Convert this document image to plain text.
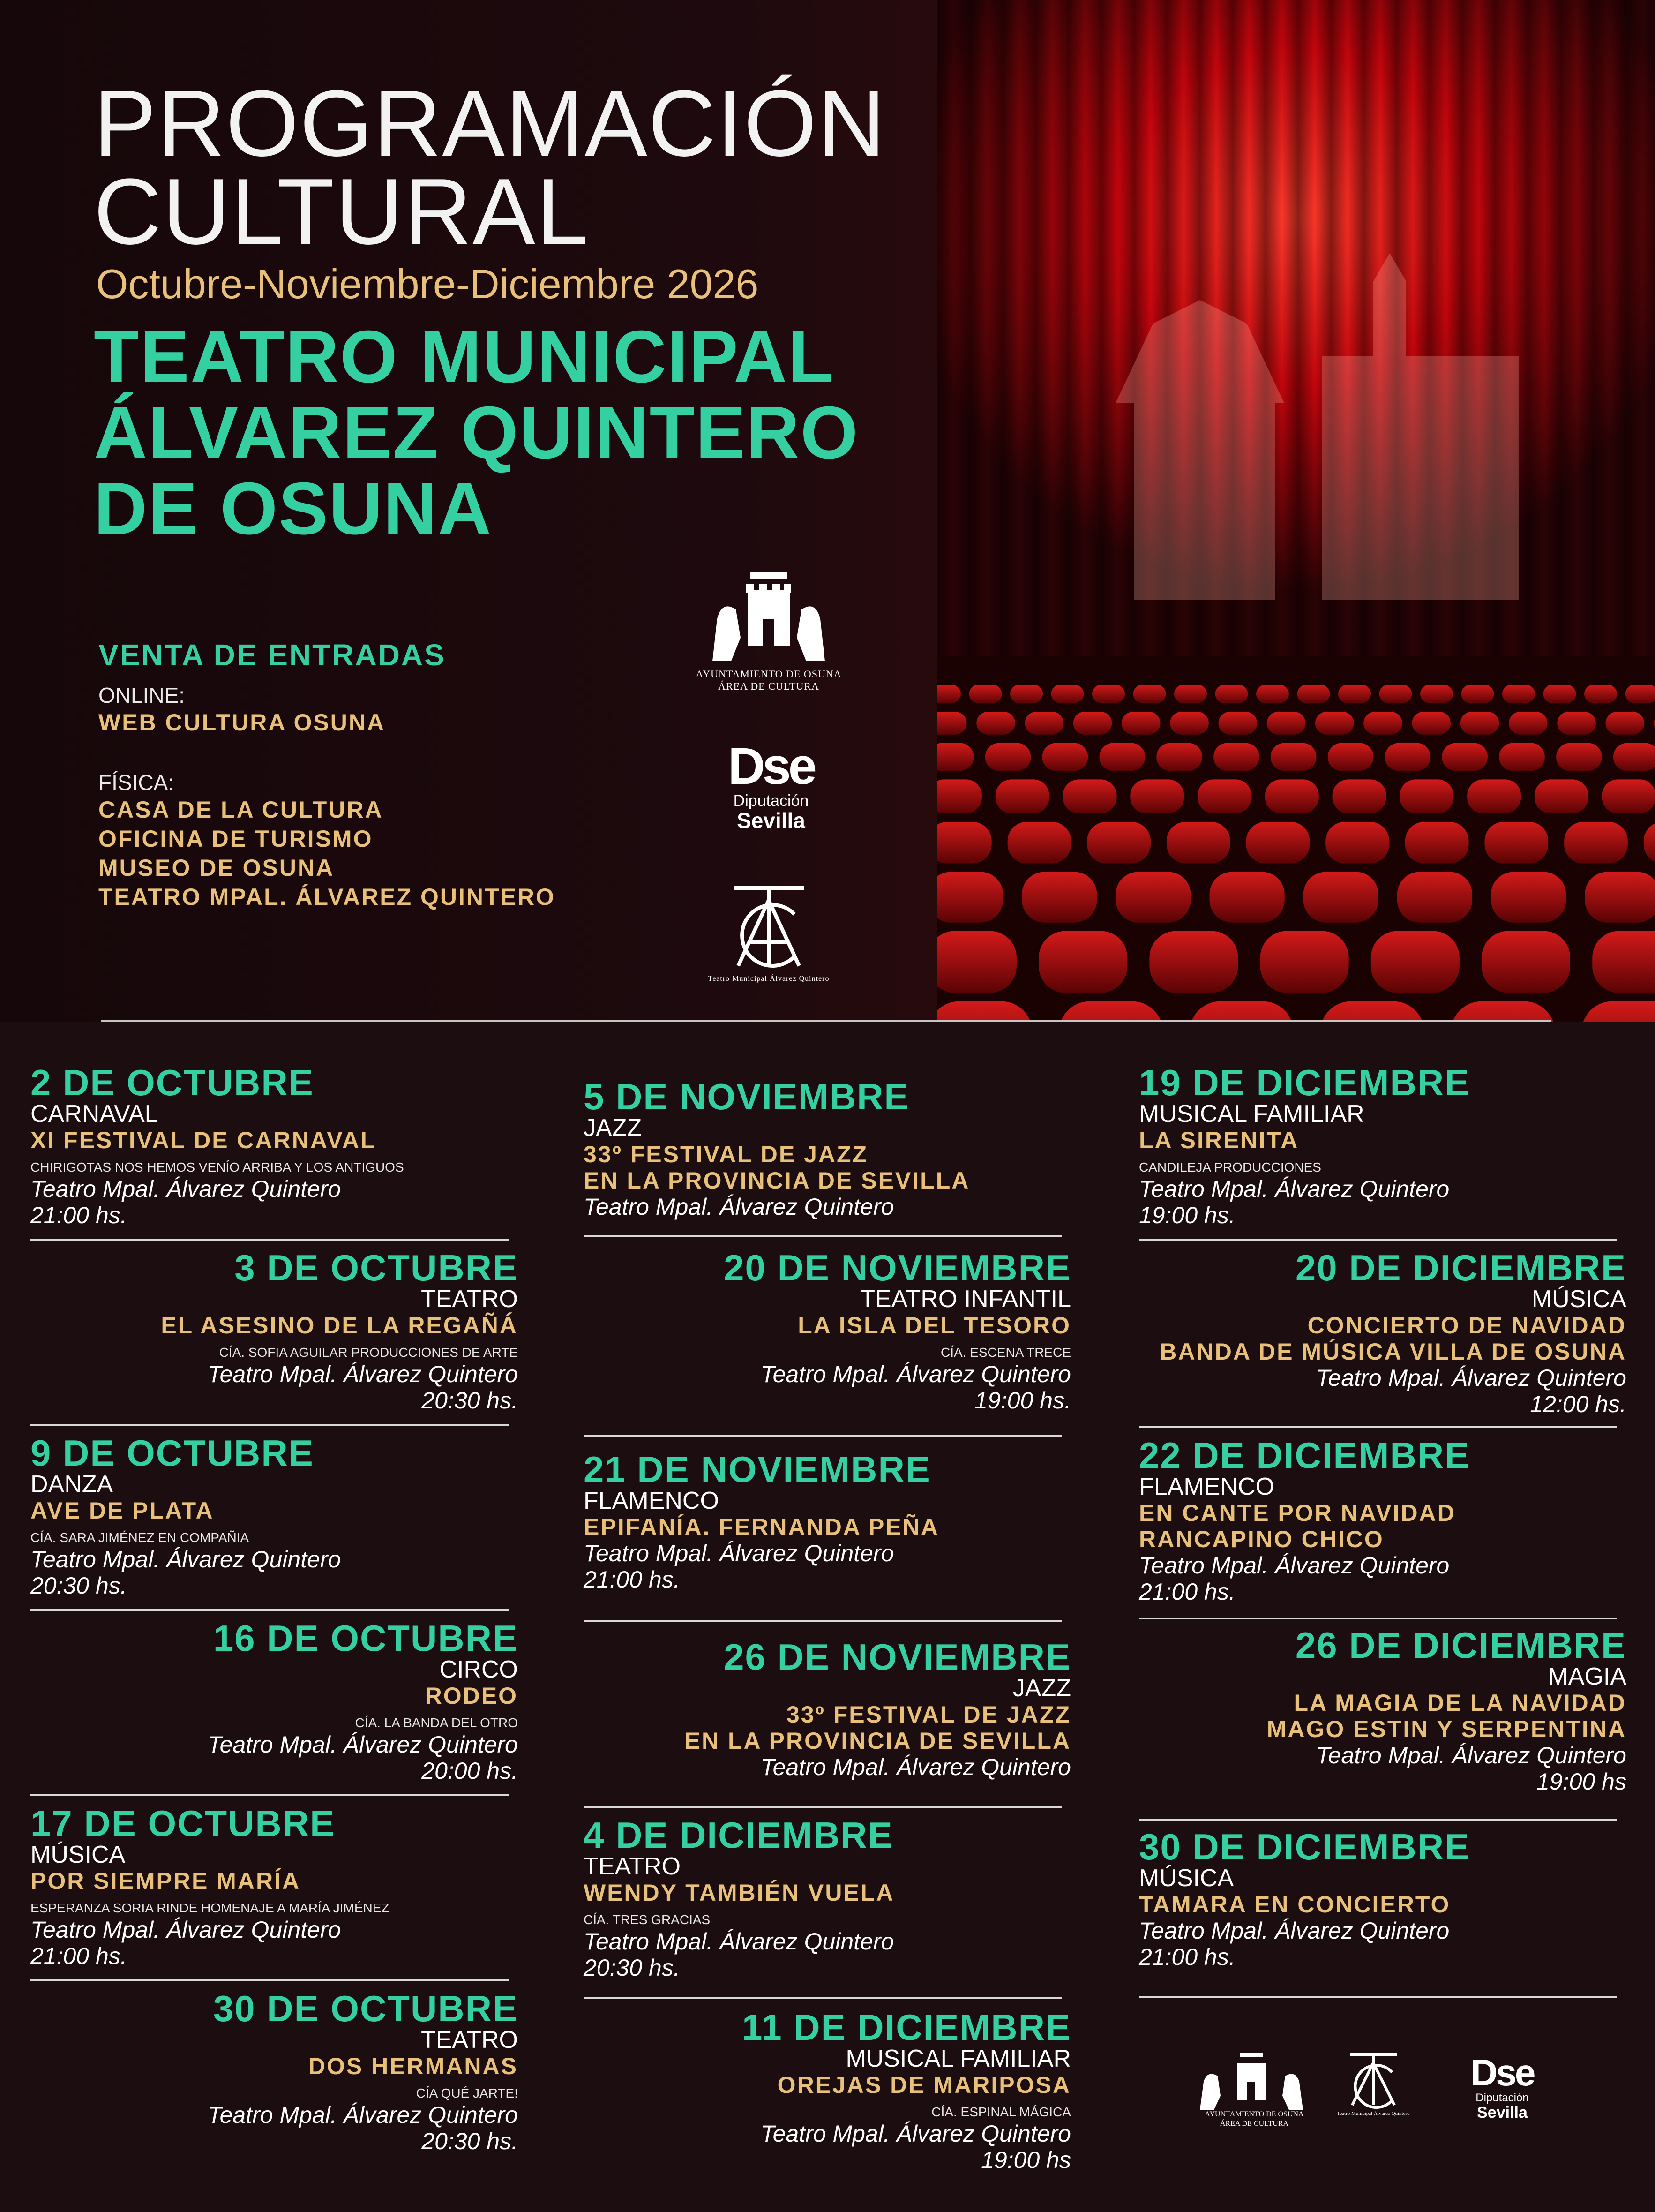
PROGRAMACIÓN
CULTURAL
Octubre-Noviembre-Diciembre 2026
TEATRO MUNICIPAL
ÁLVAREZ QUINTERO
DE OSUNA
VENTA DE ENTRADAS
ONLINE:
WEB CULTURA OSUNA
FÍSICA:
CASA DE LA CULTURA
OFICINA DE TURISMO
MUSEO DE OSUNA
TEATRO MPAL. ÁLVAREZ QUINTERO
AYUNTAMIENTO DE OSUNA
ÁREA DE CULTURA
Dse
Diputación
Sevilla
Teatro Municipal Álvarez Quintero
2 DE OCTUBRE
CARNAVAL
XI FESTIVAL DE CARNAVAL
CHIRIGOTAS NOS HEMOS VENÍO ARRIBA Y LOS ANTIGUOS
Teatro Mpal. Álvarez Quintero
21:00 hs.
3 DE OCTUBRE
TEATRO
EL ASESINO DE LA REGAÑÁ
CÍA. SOFIA AGUILAR PRODUCCIONES DE ARTE
Teatro Mpal. Álvarez Quintero
20:30 hs.
9 DE OCTUBRE
DANZA
AVE DE PLATA
CÍA. SARA JIMÉNEZ EN COMPAÑIA
Teatro Mpal. Álvarez Quintero
20:30 hs.
16 DE OCTUBRE
CIRCO
RODEO
CÍA. LA BANDA DEL OTRO
Teatro Mpal. Álvarez Quintero
20:00 hs.
17 DE OCTUBRE
MÚSICA
POR SIEMPRE MARÍA
ESPERANZA SORIA RINDE HOMENAJE A MARÍA JIMÉNEZ
Teatro Mpal. Álvarez Quintero
21:00 hs.
30 DE OCTUBRE
TEATRO
DOS HERMANAS
CÍA QUÉ JARTE!
Teatro Mpal. Álvarez Quintero
20:30 hs.
5 DE NOVIEMBRE
JAZZ
33º FESTIVAL DE JAZZ
EN LA PROVINCIA DE SEVILLA
Teatro Mpal. Álvarez Quintero
20 DE NOVIEMBRE
TEATRO INFANTIL
LA ISLA DEL TESORO
CÍA. ESCENA TRECE
Teatro Mpal. Álvarez Quintero
19:00 hs.
21 DE NOVIEMBRE
FLAMENCO
EPIFANÍA. FERNANDA PEÑA
Teatro Mpal. Álvarez Quintero
21:00 hs.
26 DE NOVIEMBRE
JAZZ
33º FESTIVAL DE JAZZ
EN LA PROVINCIA DE SEVILLA
Teatro Mpal. Álvarez Quintero
4 DE DICIEMBRE
TEATRO
WENDY TAMBIÉN VUELA
CÍA. TRES GRACIAS
Teatro Mpal. Álvarez Quintero
20:30 hs.
11 DE DICIEMBRE
MUSICAL FAMILIAR
OREJAS DE MARIPOSA
CÍA. ESPINAL MÁGICA
Teatro Mpal. Álvarez Quintero
19:00 hs
19 DE DICIEMBRE
MUSICAL FAMILIAR
LA SIRENITA
CANDILEJA PRODUCCIONES
Teatro Mpal. Álvarez Quintero
19:00 hs.
20 DE DICIEMBRE
MÚSICA
CONCIERTO DE NAVIDAD
BANDA DE MÚSICA VILLA DE OSUNA
Teatro Mpal. Álvarez Quintero
12:00 hs.
22 DE DICIEMBRE
FLAMENCO
EN CANTE POR NAVIDAD
RANCAPINO CHICO
Teatro Mpal. Álvarez Quintero
21:00 hs.
26 DE DICIEMBRE
MAGIA
LA MAGIA DE LA NAVIDAD
MAGO ESTIN Y SERPENTINA
Teatro Mpal. Álvarez Quintero
19:00 hs
30 DE DICIEMBRE
MÚSICA
TAMARA EN CONCIERTO
Teatro Mpal. Álvarez Quintero
21:00 hs.
AYUNTAMIENTO DE OSUNA
ÁREA DE CULTURA
Teatro Municipal Álvarez Quintero
Dse
Diputación
Sevilla
